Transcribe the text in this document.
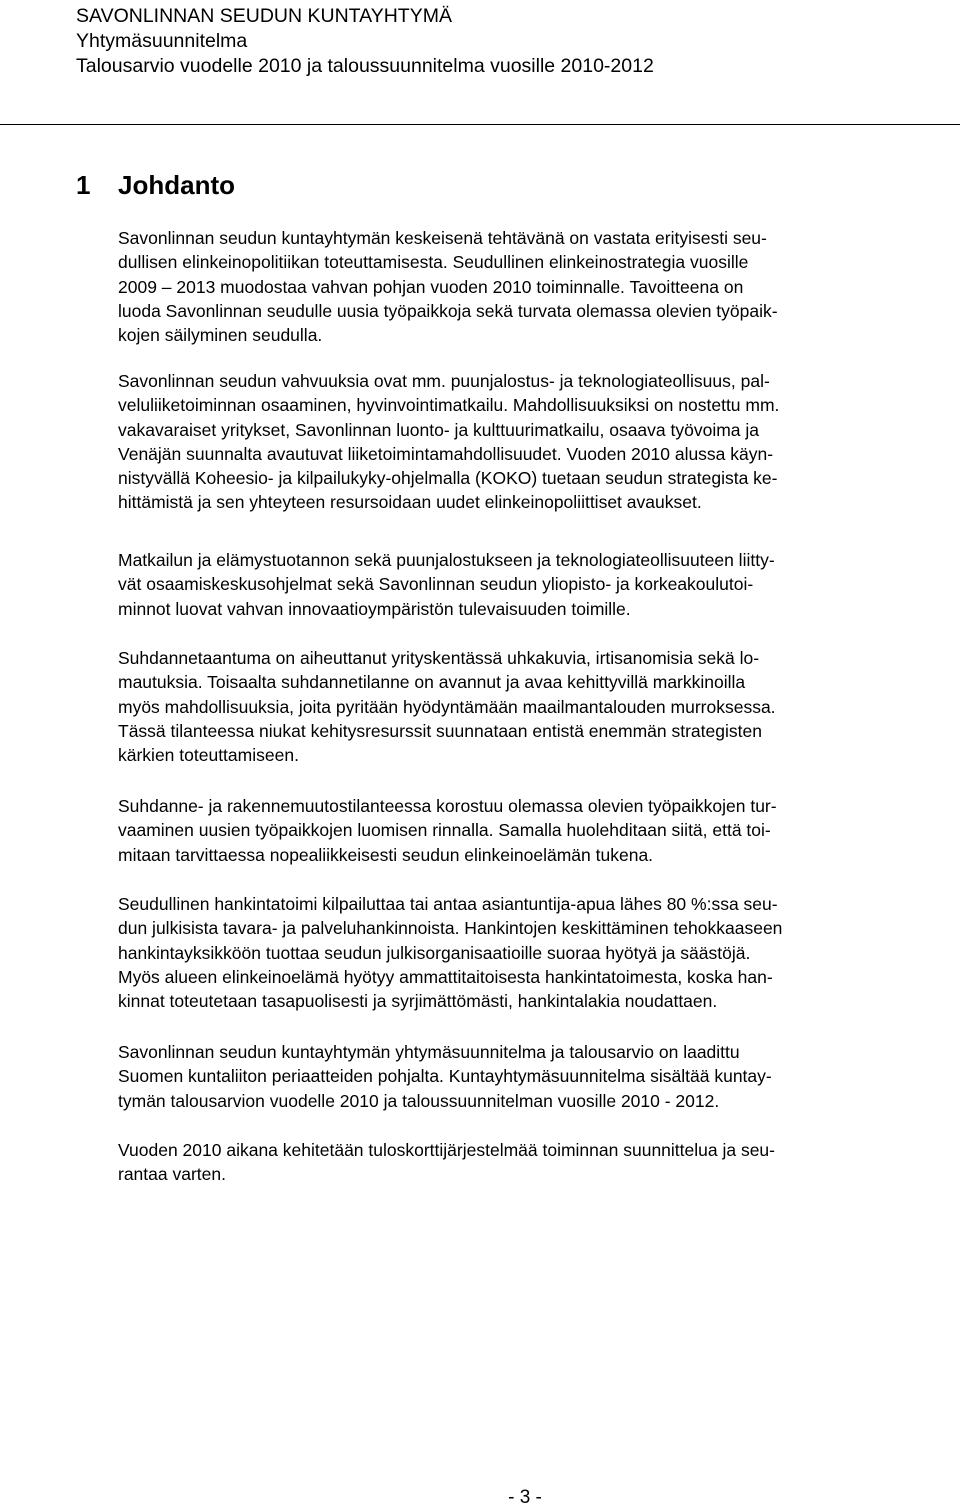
SAVONLINNAN SEUDUN KUNTAYHTYMÄ
Yhtymäsuunnitelma
Talousarvio vuodelle 2010 ja taloussuunnitelma vuosille 2010-2012
1 Johdanto
Savonlinnan seudun kuntayhtymän keskeisenä tehtävänä on vastata erityisesti seu-
dullisen elinkeinopolitiikan toteuttamisesta. Seudullinen elinkeinostrategia vuosille
2009 – 2013 muodostaa vahvan pohjan vuoden 2010 toiminnalle. Tavoitteena on
luoda Savonlinnan seudulle uusia työpaikkoja sekä turvata olemassa olevien työpaik-
kojen säilyminen seudulla.
Savonlinnan seudun vahvuuksia ovat mm. puunjalostus- ja teknologiateollisuus, pal-
veluliiketoiminnan osaaminen, hyvinvointimatkailu. Mahdollisuuksiksi on nostettu mm.
vakavaraiset yritykset, Savonlinnan luonto- ja kulttuurimatkailu, osaava työvoima ja
Venäjän suunnalta avautuvat liiketoimintamahdollisuudet. Vuoden 2010 alussa käyn-
nistyvällä Koheesio- ja kilpailukyky-ohjelmalla (KOKO) tuetaan seudun strategista ke-
hittämistä ja sen yhteyteen resursoidaan uudet elinkeinopoliittiset avaukset.
Matkailun ja elämystuotannon sekä puunjalostukseen ja teknologiateollisuuteen liitty-
vät osaamiskeskusohjelmat sekä Savonlinnan seudun yliopisto- ja korkeakoulutoi-
minnot luovat vahvan innovaatioympäristön tulevaisuuden toimille.
Suhdannetaantuma on aiheuttanut yrityskentässä uhkakuvia, irtisanomisia sekä lo-
mautuksia. Toisaalta suhdannetilanne on avannut ja avaa kehittyvillä markkinoilla
myös mahdollisuuksia, joita pyritään hyödyntämään maailmantalouden murroksessa.
Tässä tilanteessa niukat kehitysresurssit suunnataan entistä enemmän strategisten
kärkien toteuttamiseen.
Suhdanne- ja rakennemuutostilanteessa korostuu olemassa olevien työpaikkojen tur-
vaaminen uusien työpaikkojen luomisen rinnalla. Samalla huolehditaan siitä, että toi-
mitaan tarvittaessa nopealiikkeisesti seudun elinkeinoelämän tukena.
Seudullinen hankintatoimi kilpailuttaa tai antaa asiantuntija-apua lähes 80 %:ssa seu-
dun julkisista tavara- ja palveluhankinnoista. Hankintojen keskittäminen tehokkaaseen
hankintayksikköön tuottaa seudun julkisorganisaatioille suoraa hyötyä ja säästöjä.
Myös alueen elinkeinoelämä hyötyy ammattitaitoisesta hankintatoimesta, koska han-
kinnat toteutetaan tasapuolisesti ja syrjimättömästi, hankintalakia noudattaen.
Savonlinnan seudun kuntayhtymän yhtymäsuunnitelma ja talousarvio on laadittu
Suomen kuntaliiton periaatteiden pohjalta. Kuntayhtymäsuunnitelma sisältää kuntay-
tymän talousarvion vuodelle 2010 ja taloussuunnitelman vuosille 2010 - 2012.
Vuoden 2010 aikana kehitetään tuloskorttijärjestelmää toiminnan suunnittelua ja seu-
rantaa varten.
- 3 -
